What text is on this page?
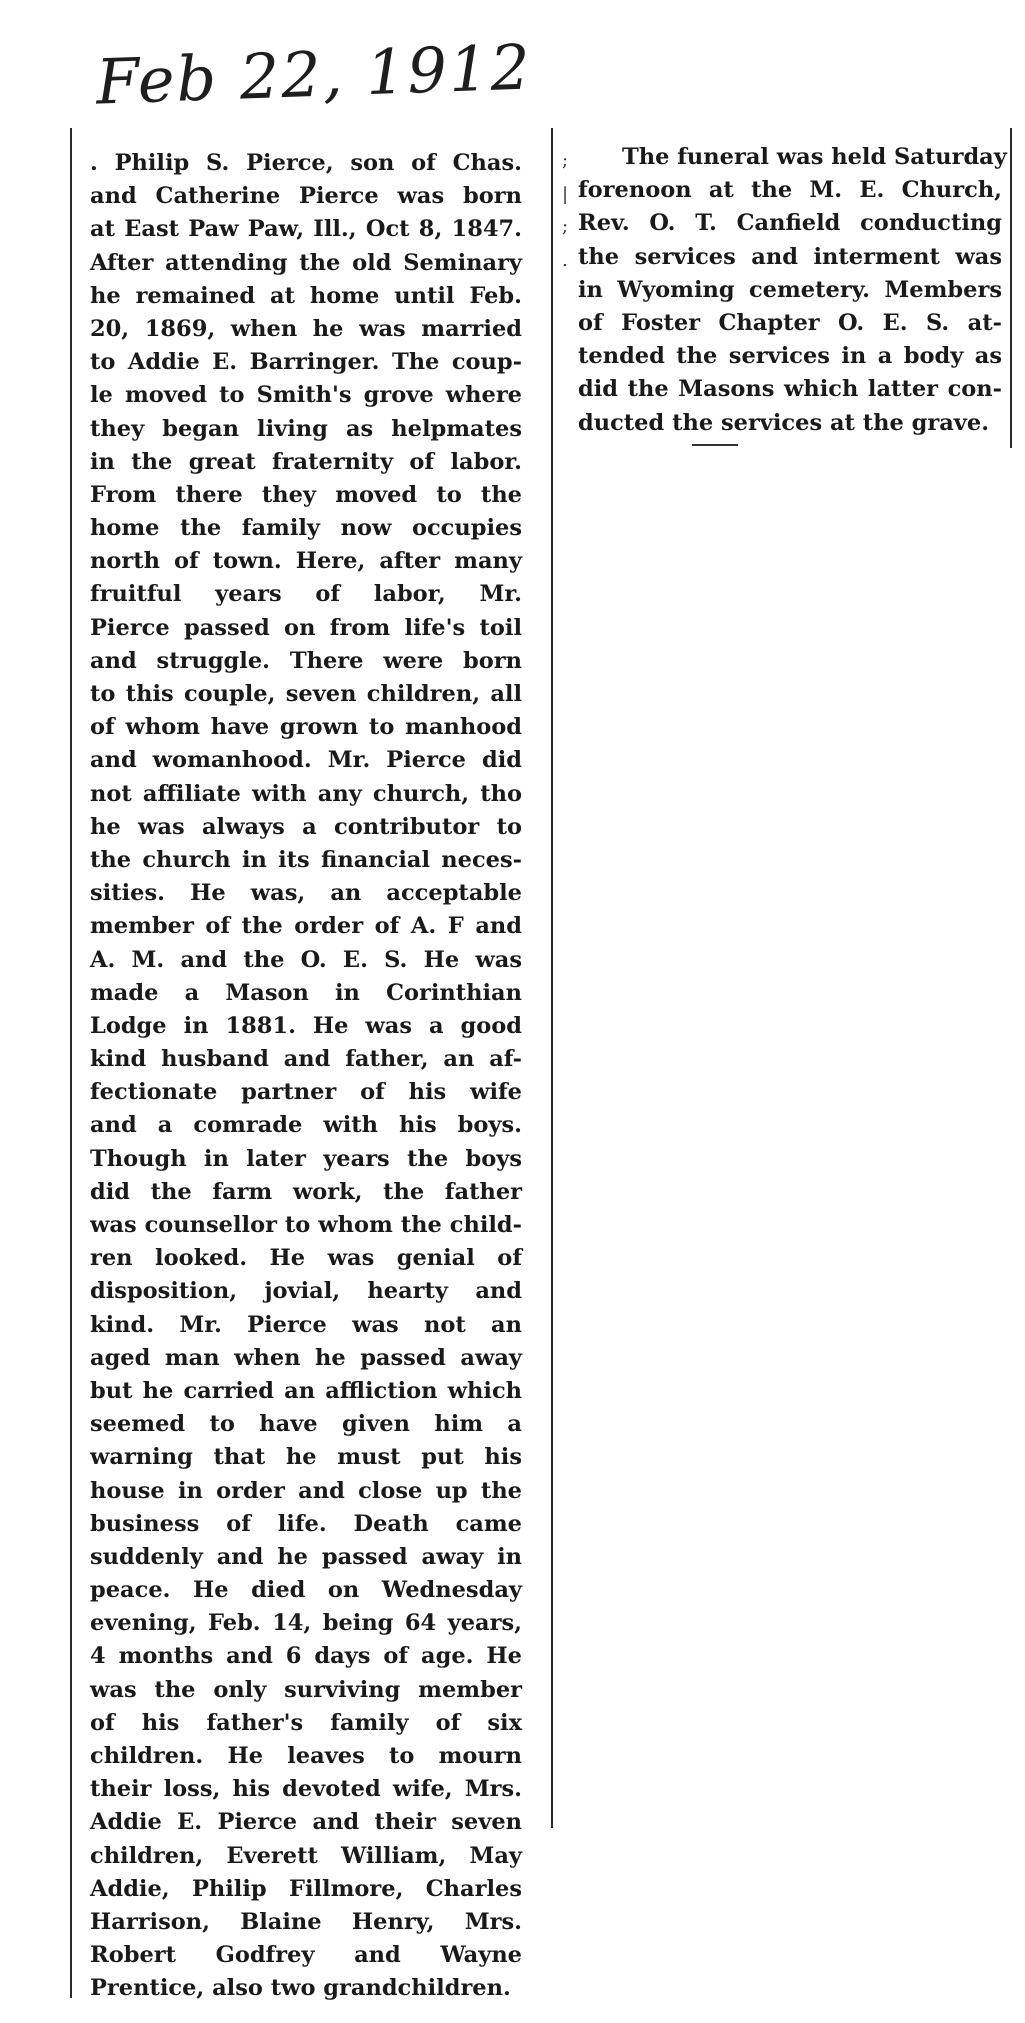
Feb 22, 1912
;
|
;
.
. Philip S. Pierce, son of Chas.
and Catherine Pierce was born
at East Paw Paw, Ill., Oct 8, 1847.
After attending the old Seminary
he remained at home until Feb.
20, 1869, when he was married
to Addie E. Barringer. The coup-
le moved to Smith's grove where
they began living as helpmates
in the great fraternity of labor.
From there they moved to the
home the family now occupies
north of town. Here, after many
fruitful years of labor, Mr.
Pierce passed on from life's toil
and struggle. There were born
to this couple, seven children, all
of whom have grown to manhood
and womanhood. Mr. Pierce did
not affiliate with any church, tho
he was always a contributor to
the church in its financial neces-
sities. He was, an acceptable
member of the order of A. F and
A. M. and the O. E. S. He was
made a Mason in Corinthian
Lodge in 1881. He was a good
kind husband and father, an af-
fectionate partner of his wife
and a comrade with his boys.
Though in later years the boys
did the farm work, the father
was counsellor to whom the child-
ren looked. He was genial of
disposition, jovial, hearty and
kind. Mr. Pierce was not an
aged man when he passed away
but he carried an affliction which
seemed to have given him a
warning that he must put his
house in order and close up the
business of life. Death came
suddenly and he passed away in
peace. He died on Wednesday
evening, Feb. 14, being 64 years,
4 months and 6 days of age. He
was the only surviving member
of his father's family of six
children. He leaves to mourn
their loss, his devoted wife, Mrs.
Addie E. Pierce and their seven
children, Everett William, May
Addie, Philip Fillmore, Charles
Harrison, Blaine Henry, Mrs.
Robert Godfrey and Wayne
Prentice, also two grandchildren.
The funeral was held Saturday
forenoon at the M. E. Church,
Rev. O. T. Canfield conducting
the services and interment was
in Wyoming cemetery. Members
of Foster Chapter O. E. S. at-
tended the services in a body as
did the Masons which latter con-
ducted the services at the grave.
